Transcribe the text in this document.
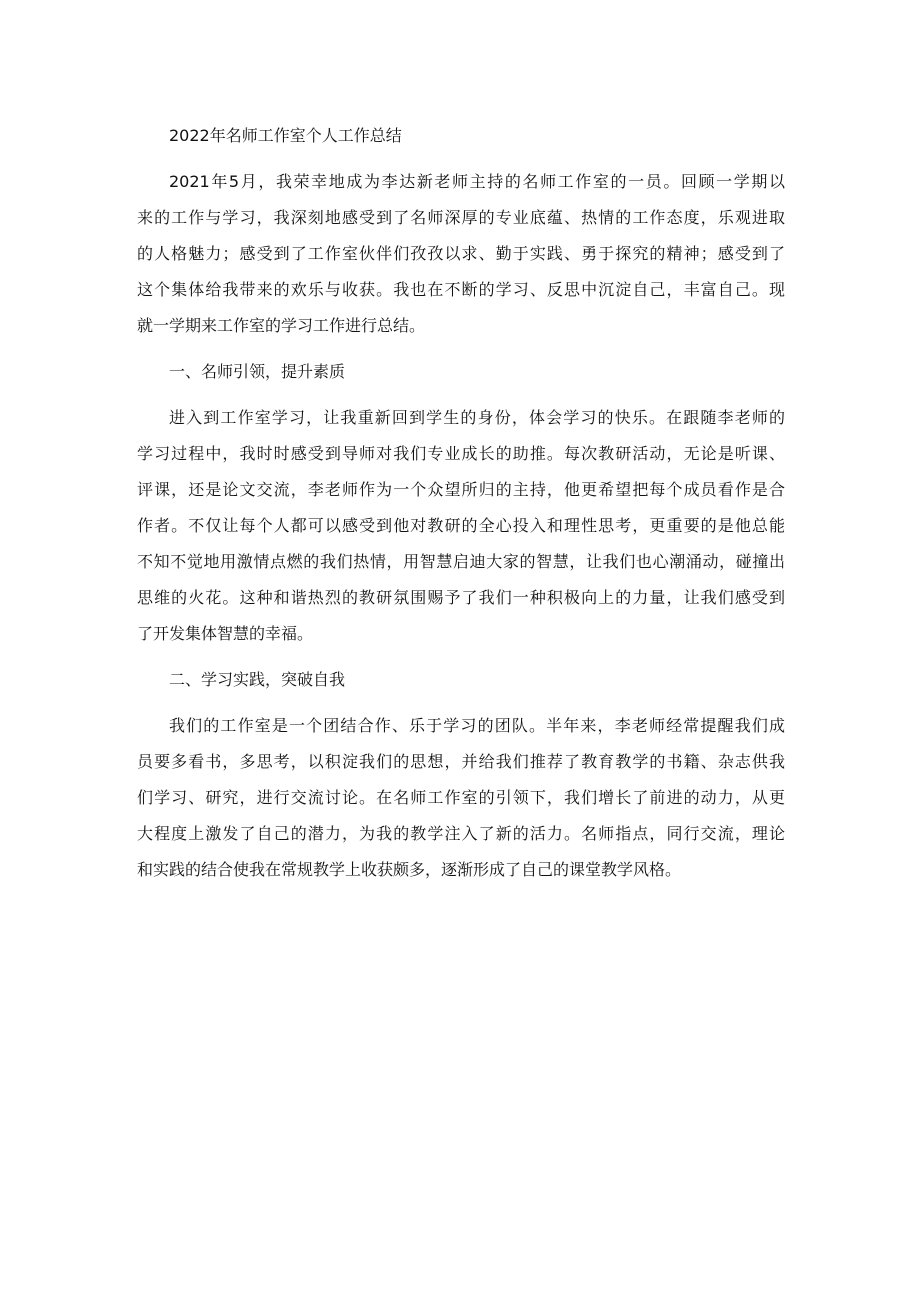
2022年名师工作室个人工作总结
2021年5月，我荣幸地成为李达新老师主持的名师工作室的一员。回顾一学期以
来的工作与学习，我深刻地感受到了名师深厚的专业底蕴、热情的工作态度，乐观进取
的人格魅力；感受到了工作室伙伴们孜孜以求、勤于实践、勇于探究的精神；感受到了
这个集体给我带来的欢乐与收获。我也在不断的学习、反思中沉淀自己，丰富自己。现
就一学期来工作室的学习工作进行总结。
一、名师引领，提升素质
进入到工作室学习，让我重新回到学生的身份，体会学习的快乐。在跟随李老师的
学习过程中，我时时感受到导师对我们专业成长的助推。每次教研活动，无论是听课、
评课，还是论文交流，李老师作为一个众望所归的主持，他更希望把每个成员看作是合
作者。不仅让每个人都可以感受到他对教研的全心投入和理性思考，更重要的是他总能
不知不觉地用激情点燃的我们热情，用智慧启迪大家的智慧，让我们也心潮涌动，碰撞出
思维的火花。这种和谐热烈的教研氛围赐予了我们一种积极向上的力量，让我们感受到
了开发集体智慧的幸福。
二、学习实践，突破自我
我们的工作室是一个团结合作、乐于学习的团队。半年来，李老师经常提醒我们成
员要多看书，多思考，以积淀我们的思想，并给我们推荐了教育教学的书籍、杂志供我
们学习、研究，进行交流讨论。在名师工作室的引领下，我们增长了前进的动力，从更
大程度上激发了自己的潜力，为我的教学注入了新的活力。名师指点，同行交流，理论
和实践的结合使我在常规教学上收获颇多，逐渐形成了自己的课堂教学风格。
